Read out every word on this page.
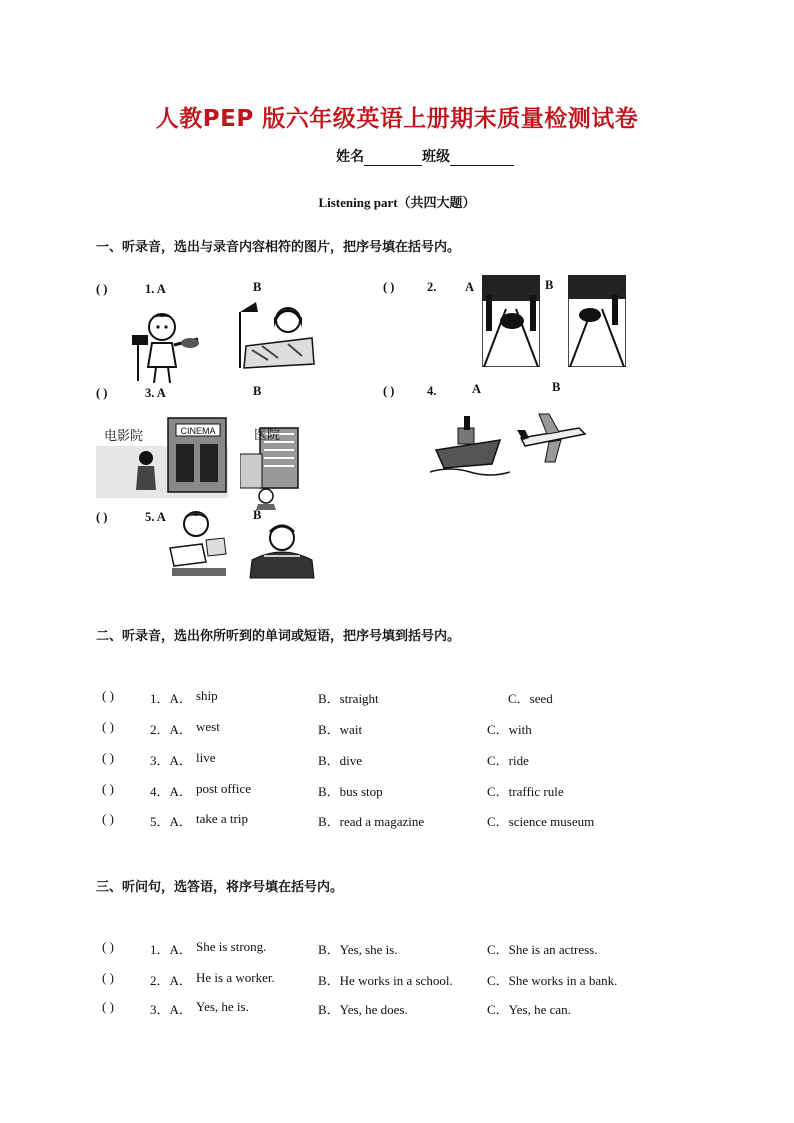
人教PEP 版六年级英语上册期末质量检测试卷
姓名	班级
Listening part（共四大题）
一、听录音，选出与录音内容相符的图片，把序号填在括号内。
( )	1. A	B	( )	2. A	B
( )	3. A	B
CINEMA
电影院	医院
( )	4.	A	B
( )	5. A	B
二、听录音，选出你所听到的单词或短语，把序号填到括号内。
( )	1．A． ship	B．straight	C．seed
( )	2．A． west	B．wait	C．with
( )	3．A． live	B．dive	C．ride
( )	4．A． post office	B．bus stop	C．traffic rule
( )	5．A． take a trip	B．read a magazine	C．science museum
三、听问句，选答语，将序号填在括号内。
( )	1．A． She is strong.	B．Yes, she is.	C．She is an actress.
( )	2．A． He is a worker.	B．He works in a school.	C．She works in a bank.
( )	3．A． Yes, he is.	B．Yes, he does.	C．Yes, he can.
